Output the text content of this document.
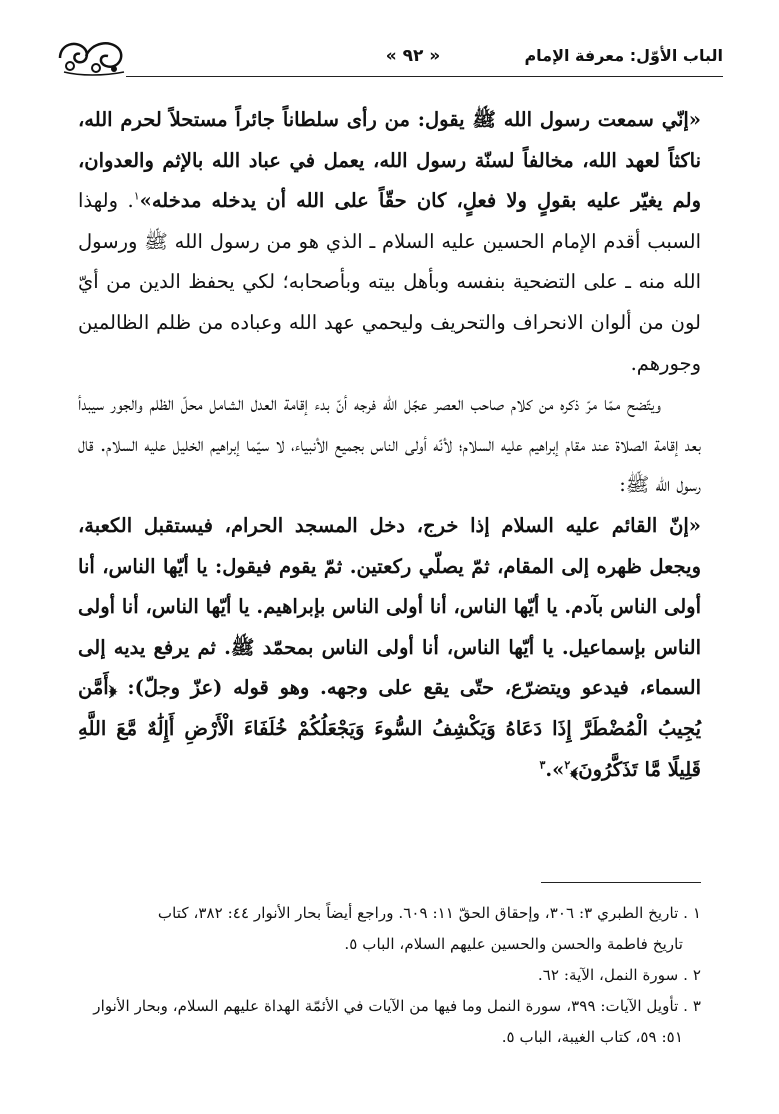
« ٩٢ »	الباب الأوّل: معرفة الإمام

«إنّي سمعت رسول الله ﷺ يقول: من رأى سلطاناً جائراً مستحلاً لحرم الله، ناكثاً لعهد الله، مخالفاً لسنّة رسول الله، يعمل في عباد الله بالإثم والعدوان، ولم يغيّر عليه بقولٍ ولا فعلٍ، كان حقّاً على الله أن يدخله مدخله»$^١$. ولهذا السبب أقدم الإمام الحسين عليه السلام ـ الذي هو من رسول الله ﷺ ورسول الله منه ـ على التضحية بنفسه وبأهل بيته وبأصحابه؛ لكي يحفظ الدين من أيّ لون من ألوان الانحراف والتحريف وليحمي عهد الله وعباده من ظلم الظالمين وجورهم.

ويتّضح ممّا مرّ ذكره من كلام صاحب العصر عجّل الله فرجه أنّ بدء إقامة العدل الشامل محلّ الظلم والجور سيبدأ بعد إقامة الصلاة عند مقام إبراهيم عليه السلام؛ لأنّه أولى الناس بجميع الأنبياء، لا سيّما إبراهيم الخليل عليه السلام. قال رسول الله ﷺ:

«إنّ القائم عليه السلام إذا خرج، دخل المسجد الحرام، فيستقبل الكعبة، ويجعل ظهره إلى المقام، ثمّ يصلّي ركعتين. ثمّ يقوم فيقول: يا أيّها الناس، أنا أولى الناس بآدم. يا أيّها الناس، أنا أولى الناس بإبراهيم. يا أيّها الناس، أنا أولى الناس بإسماعيل. يا أيّها الناس، أنا أولى الناس بمحمّد ﷺ. ثم يرفع يديه إلى السماء، فيدعو ويتضرّع، حتّى يقع على وجهه. وهو قوله (عزّ وجلّ): ﴿أَمَّن يُجِيبُ الْمُضْطَرَّ إِذَا دَعَاهُ وَيَكْشِفُ السُّوءَ وَيَجْعَلُكُمْ خُلَفَاءَ الْأَرْضِ أَإِلَٰهٌ مَّعَ اللَّهِ قَلِيلًا مَّا تَذَكَّرُونَ﴾$^٢$».$^٣$

١ . تاريخ الطبري ٣: ٣٠٦، وإحقاق الحقّ ١١: ٦٠٩. وراجع أيضاً بحار الأنوار ٤٤: ٣٨٢، كتاب

تاريخ فاطمة والحسن والحسين عليهم السلام، الباب ٥.

٢ . سورة النمل، الآية: ٦٢.

٣ . تأويل الآيات: ٣٩٩، سورة النمل وما فيها من الآيات في الأئمّة الهداة عليهم السلام، وبحار الأنوار

٥١: ٥٩، كتاب الغيبة، الباب ٥.
